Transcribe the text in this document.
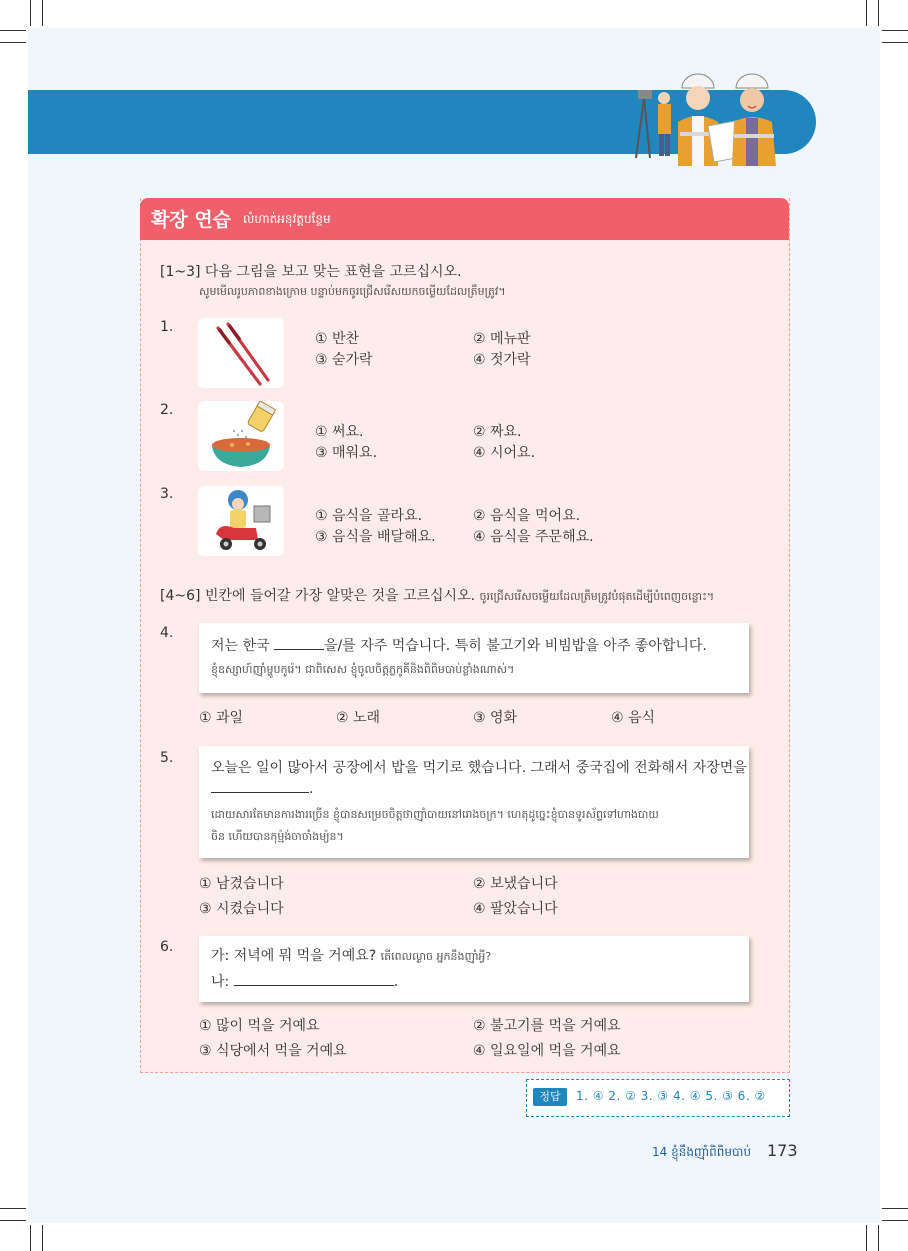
확장 연습 លំហាត់អនុវត្តបន្ថែម
[1~3] 다음 그림을 보고 맞는 표현을 고르십시오.
សូមមើលរូបភាពខាងក្រោម បន្ទាប់មកចូរជ្រើសរើសយកចម្លើយដែលត្រឹមត្រូវ។
1.
① 반찬	② 메뉴판
③ 숟가락	④ 젓가락
2.
① 써요.	② 짜요.
③ 매워요.	④ 시어요.
3.
① 음식을 골라요.	② 음식을 먹어요.
③ 음식을 배달해요.	④ 음식을 주문해요.
[4~6] 빈칸에 들어갈 가장 알맞은 것을 고르십시오. ចូរជ្រើសរើសចម្លើយដែលត្រឹមត្រូវបំផុតដើម្បីបំពេញចន្លោះ។
4.
저는 한국	을/를 자주 먹습니다. 특히 불고기와 비빔밥을 아주 좋아합니다.
ខ្ញុំឧស្សាហ៍ញ៉ាំម្ហូបកូរ៉េ។ ជាពិសេស ខ្ញុំចូលចិត្តភ្លកូគីនិងពិពិមបាប់ខ្លាំងណាស់។
① 과일	② 노래	③ 영화	④ 음식
5.
오늘은 일이 많아서 공장에서 밥을 먹기로 했습니다. 그래서 중국집에 전화해서 자장면을
.
ដោយសារតែមានការងារច្រើន ខ្ញុំបានសម្រេចចិត្តថាញ៉ាំបាយនៅរោងចក្រ។ ហេតុដូច្នេះខ្ញុំបានទូរស័ព្ទទៅហាងបាយ
ចិន ហើយបានកុម្ម៉ង់ចាចាំងម្យ៉ន។
① 남겼습니다	② 보냈습니다
③ 시켰습니다	④ 팔았습니다
6.
가: 저녁에 뭐 먹을 거예요? តើពេលល្ងាច អ្នកនឹងញ៉ាំអ្វី?
나:	.
① 많이 먹을 거예요	② 불고기를 먹을 거예요
③ 식당에서 먹을 거예요	④ 일요일에 먹을 거예요
정답	1. ④ 2. ② 3. ③ 4. ④ 5. ③ 6. ②
14 ខ្ញុំនឹងញ៉ាំពិពិមបាប់ 173
